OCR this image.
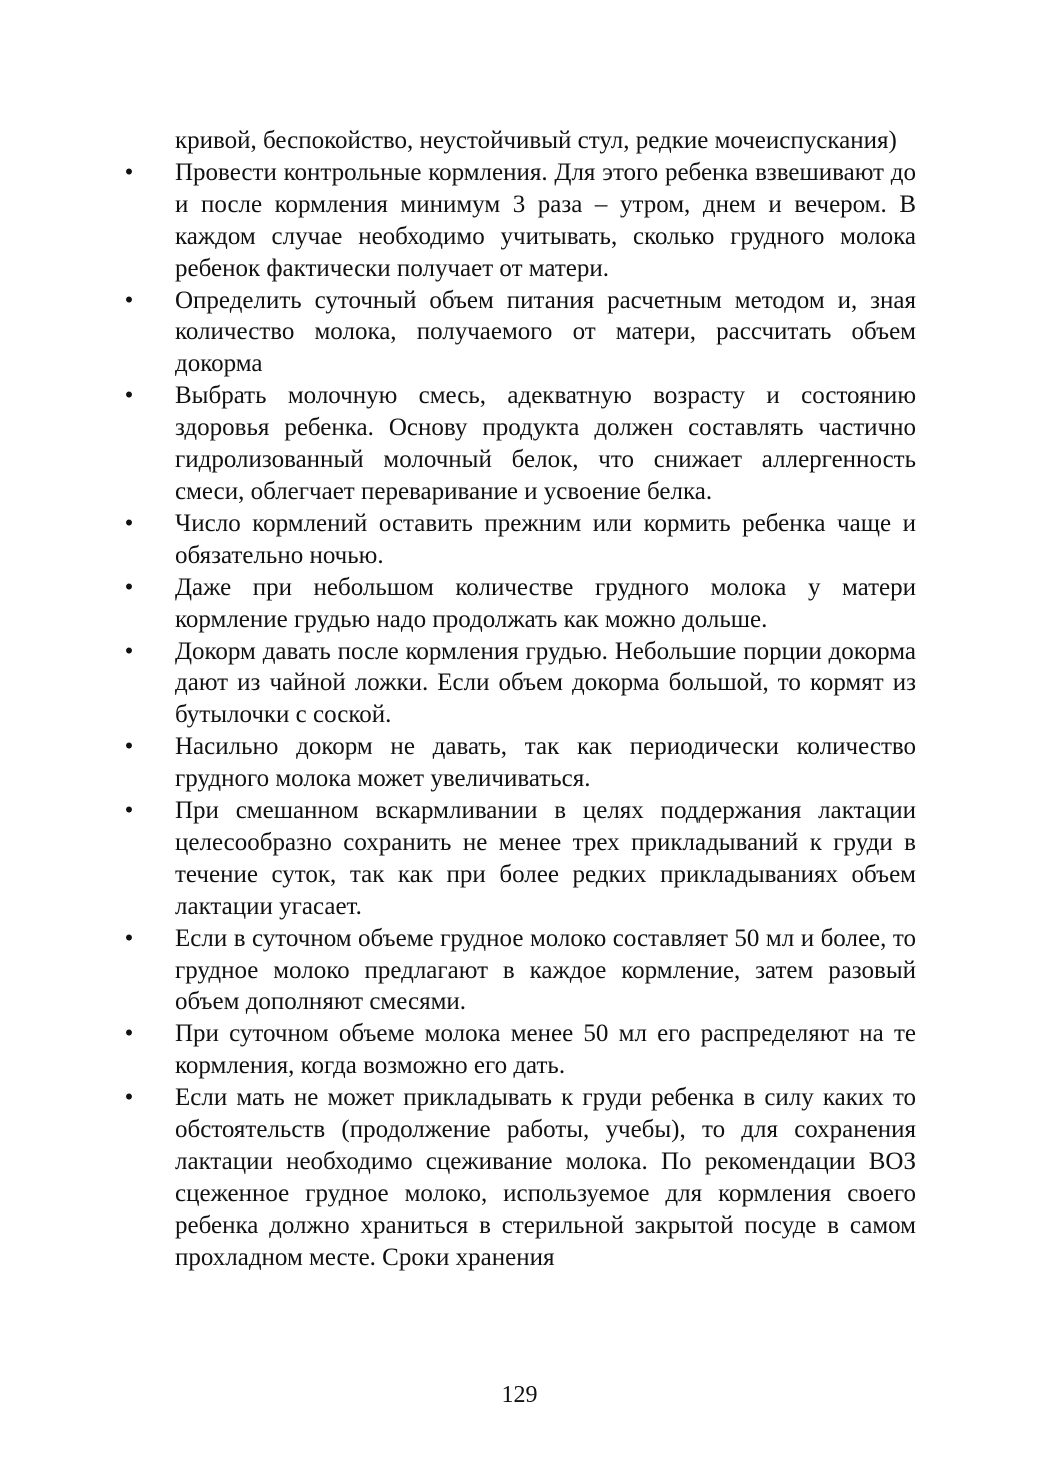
кривой, беспокойство, неустойчивый стул, редкие мочеиспускания)

• Провести контрольные кормления. Для этого ребенка взвешивают до и после кормления минимум 3 раза – утром, днем и вечером. В каждом случае необходимо учитывать, сколько грудного молока ребенок фактически получает от матери.
• Определить суточный объем питания расчетным методом и, зная количество молока, получаемого от матери, рассчитать объем докорма
• Выбрать молочную смесь, адекватную возрасту и состоянию здоровья ребенка. Основу продукта должен составлять частично гидролизованный молочный белок, что снижает аллергенность смеси, облегчает переваривание и усвоение белка.
• Число кормлений оставить прежним или кормить ребенка чаще и обязательно ночью.
• Даже при небольшом количестве грудного молока у матери кормление грудью надо продолжать как можно дольше.
• Докорм давать после кормления грудью. Небольшие порции докорма дают из чайной ложки. Если объем докорма большой, то кормят из бутылочки с соской.
• Насильно докорм не давать, так как периодически количество грудного молока может увеличиваться.
• При смешанном вскармливании в целях поддержания лактации целесообразно сохранить не менее трех прикладываний к груди в течение суток, так как при более редких прикладываниях объем лактации угасает.
• Если в суточном объеме грудное молоко составляет 50 мл и более, то грудное молоко предлагают в каждое кормление, затем разовый объем дополняют смесями.
• При суточном объеме молока менее 50 мл его распределяют на те кормления, когда возможно его дать.
• Если мать не может прикладывать к груди ребенка в силу каких то обстоятельств (продолжение работы, учебы), то для сохранения лактации необходимо сцеживание молока. По рекомендации ВОЗ сцеженное грудное молоко, используемое для кормления своего ребенка должно храниться в стерильной закрытой посуде в самом прохладном месте. Сроки хранения
129
